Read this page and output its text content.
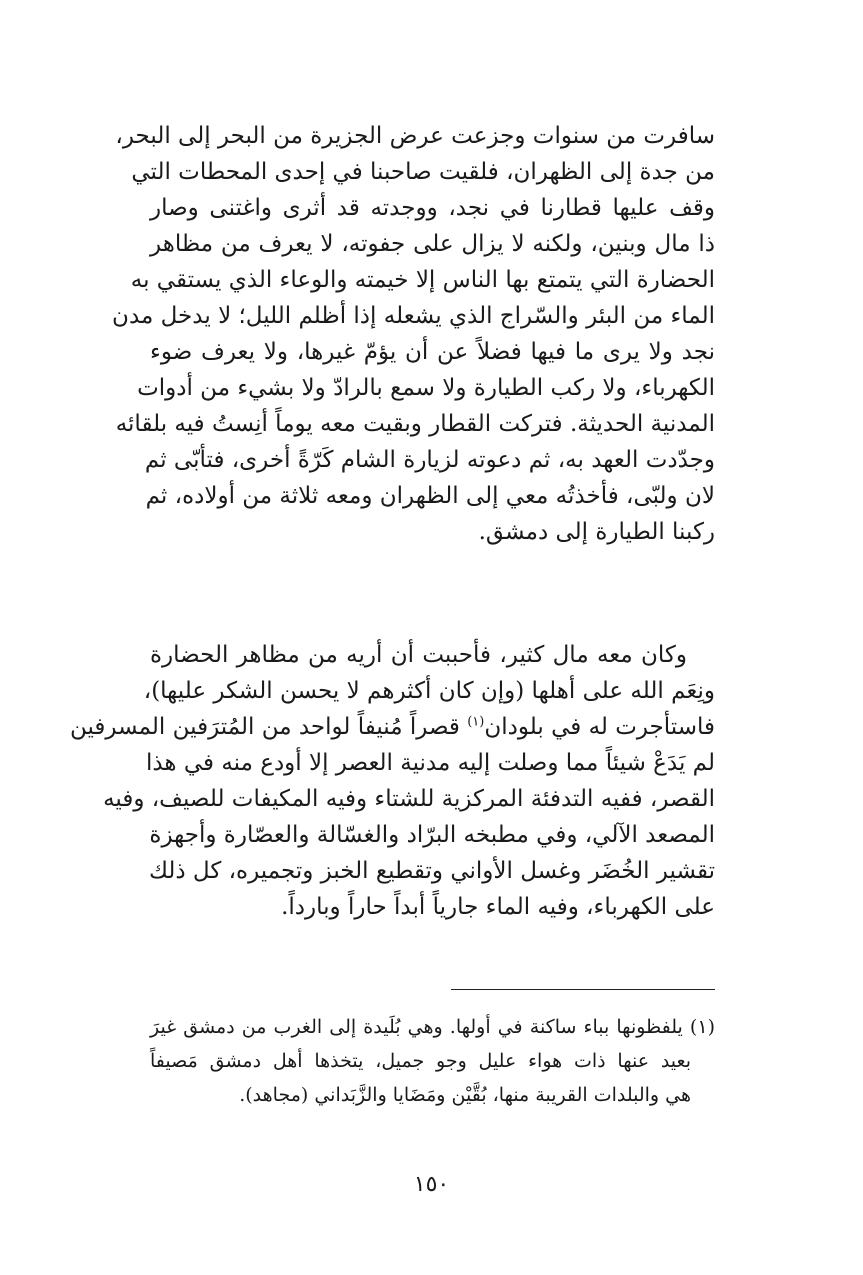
سافرت من سنوات وجزعت عرض الجزيرة من البحر إلى البحر،
من جدة إلى الظهران، فلقيت صاحبنا في إحدى المحطات التي
وقف عليها قطارنا في نجد، ووجدته قد أثرى واغتنى وصار
ذا مال وبنين، ولكنه لا يزال على جفوته، لا يعرف من مظاهر
الحضارة التي يتمتع بها الناس إلا خيمته والوعاء الذي يستقي به
الماء من البئر والسّراج الذي يشعله إذا أظلم الليل؛ لا يدخل مدن
نجد ولا يرى ما فيها فضلاً عن أن يؤمّ غيرها، ولا يعرف ضوء
الكهرباء، ولا ركب الطيارة ولا سمع بالرادّ ولا بشيء من أدوات
المدنية الحديثة. فتركت القطار وبقيت معه يوماً أنِستُ فيه بلقائه
وجدّدت العهد به، ثم دعوته لزيارة الشام كَرّةً أخرى، فتأبّى ثم
لان ولبّى، فأخذتُه معي إلى الظهران ومعه ثلاثة من أولاده، ثم
ركبنا الطيارة إلى دمشق.
وكان معه مال كثير، فأحببت أن أريه من مظاهر الحضارة
ونِعَم الله على أهلها (وإن كان أكثرهم لا يحسن الشكر عليها)،
فاستأجرت له في بلودان$^{(١)}$ قصراً مُنيفاً لواحد من المُترَفين المسرفين
لم يَدَعْ شيئاً مما وصلت إليه مدنية العصر إلا أودع منه في هذا
القصر، ففيه التدفئة المركزية للشتاء وفيه المكيفات للصيف، وفيه
المصعد الآلي، وفي مطبخه البرّاد والغسّالة والعصّارة وأجهزة
تقشير الخُضَر وغسل الأواني وتقطيع الخبز وتجميره، كل ذلك
على الكهرباء، وفيه الماء جارياً أبداً حاراً وبارداً.
(١) يلفظونها بباء ساكنة في أولها. وهي بُلَيدة إلى الغرب من دمشق غيرَ
بعيد عنها ذات هواء عليل وجو جميل، يتخذها أهل دمشق مَصيفاً
هي والبلدات القريبة منها، بُقَّيْن ومَضَايا والزَّبَداني (مجاهد).
١٥٠
